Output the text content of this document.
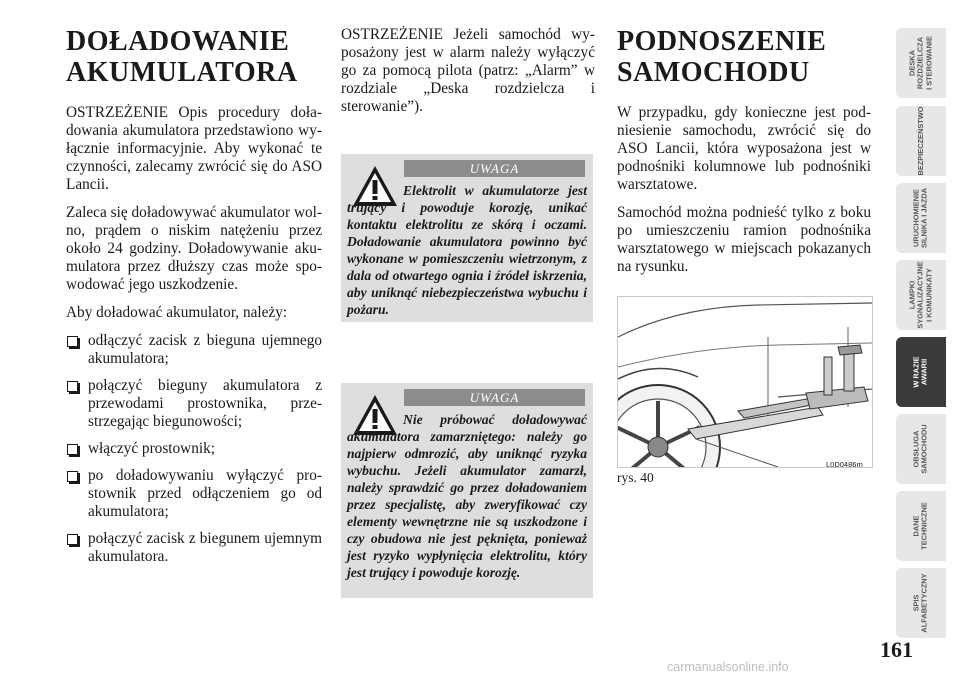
DOŁADOWANIE
AKUMULATORA

OSTRZEŻENIE Opis procedury doładowania akumulatora przedstawiono wyłącznie informacyjnie. Aby wykonać te czynności, zalecamy zwrócić się do ASO Lancii.

Zaleca się doładowywać akumulator wolno, prądem o niskim natężeniu przez około 24 godziny. Doładowywanie akumulatora przez dłuższy czas może spowodować jego uszkodzenie.

Aby doładować akumulator, należy:

odłączyć zacisk z bieguna ujemnego akumulatora;
połączyć bieguny akumulatora z przewodami prostownika, przestrzegając biegunowości;
włączyć prostownik;
po doładowywaniu wyłączyć prostownik przed odłączeniem go od akumulatora;
połączyć zacisk z biegunem ujemnym akumulatora.

OSTRZEŻENIE Jeżeli samochód wyposażony jest w alarm należy wyłączyć go za pomocą pilota (patrz: „Alarm” w rozdziale „Deska rozdzielcza i sterowanie”).

UWAGA
Elektrolit w akumulatorze jest trujący i powoduje korozję, unikać kontaktu elektrolitu ze skórą i oczami. Doładowanie akumulatora powinno być wykonane w pomieszczeniu wietrzonym, z dala od otwartego ognia i źródeł iskrzenia, aby uniknąć niebezpieczeństwa wybuchu i pożaru.
UWAGA
Nie próbować doładowywać akumulatora zamarzniętego: należy go najpierw odmrozić, aby uniknąć ryzyka wybuchu. Jeżeli akumulator zamarzł, należy sprawdzić go przez doładowaniem przez specjalistę, aby zweryfikować czy elementy wewnętrzne nie są uszkodzone i czy obudowa nie jest pęknięta, ponieważ jest ryzyko wypłynięcia elektrolitu, który jest trujący i powoduje korozję.
PODNOSZENIE
SAMOCHODU

W przypadku, gdy konieczne jest podniesienie samochodu, zwrócić się do ASO Lancii, która wyposażona jest w podnośniki kolumnowe lub podnośniki warsztatowe.

Samochód można podnieść tylko z boku po umieszczeniu ramion podnośnika warsztatowego w miejscach pokazanych na rysunku.

rys. 40
L0D0486m
DESKA
ROZDZIELCZA
I STEROWANIE
BEZPIECZEŃSTWO
URUCHOMIENIE
SILNIKA I JAZDA
LAMPKI
SYGNALIZACYJNE
I KOMUNIKATY
W RAZIE
AWARII
OBSŁUGA
SAMOCHODU
DANE
TECHNICZNE
SPIS
ALFABETYCZNY
161
carmanualsonline.info
